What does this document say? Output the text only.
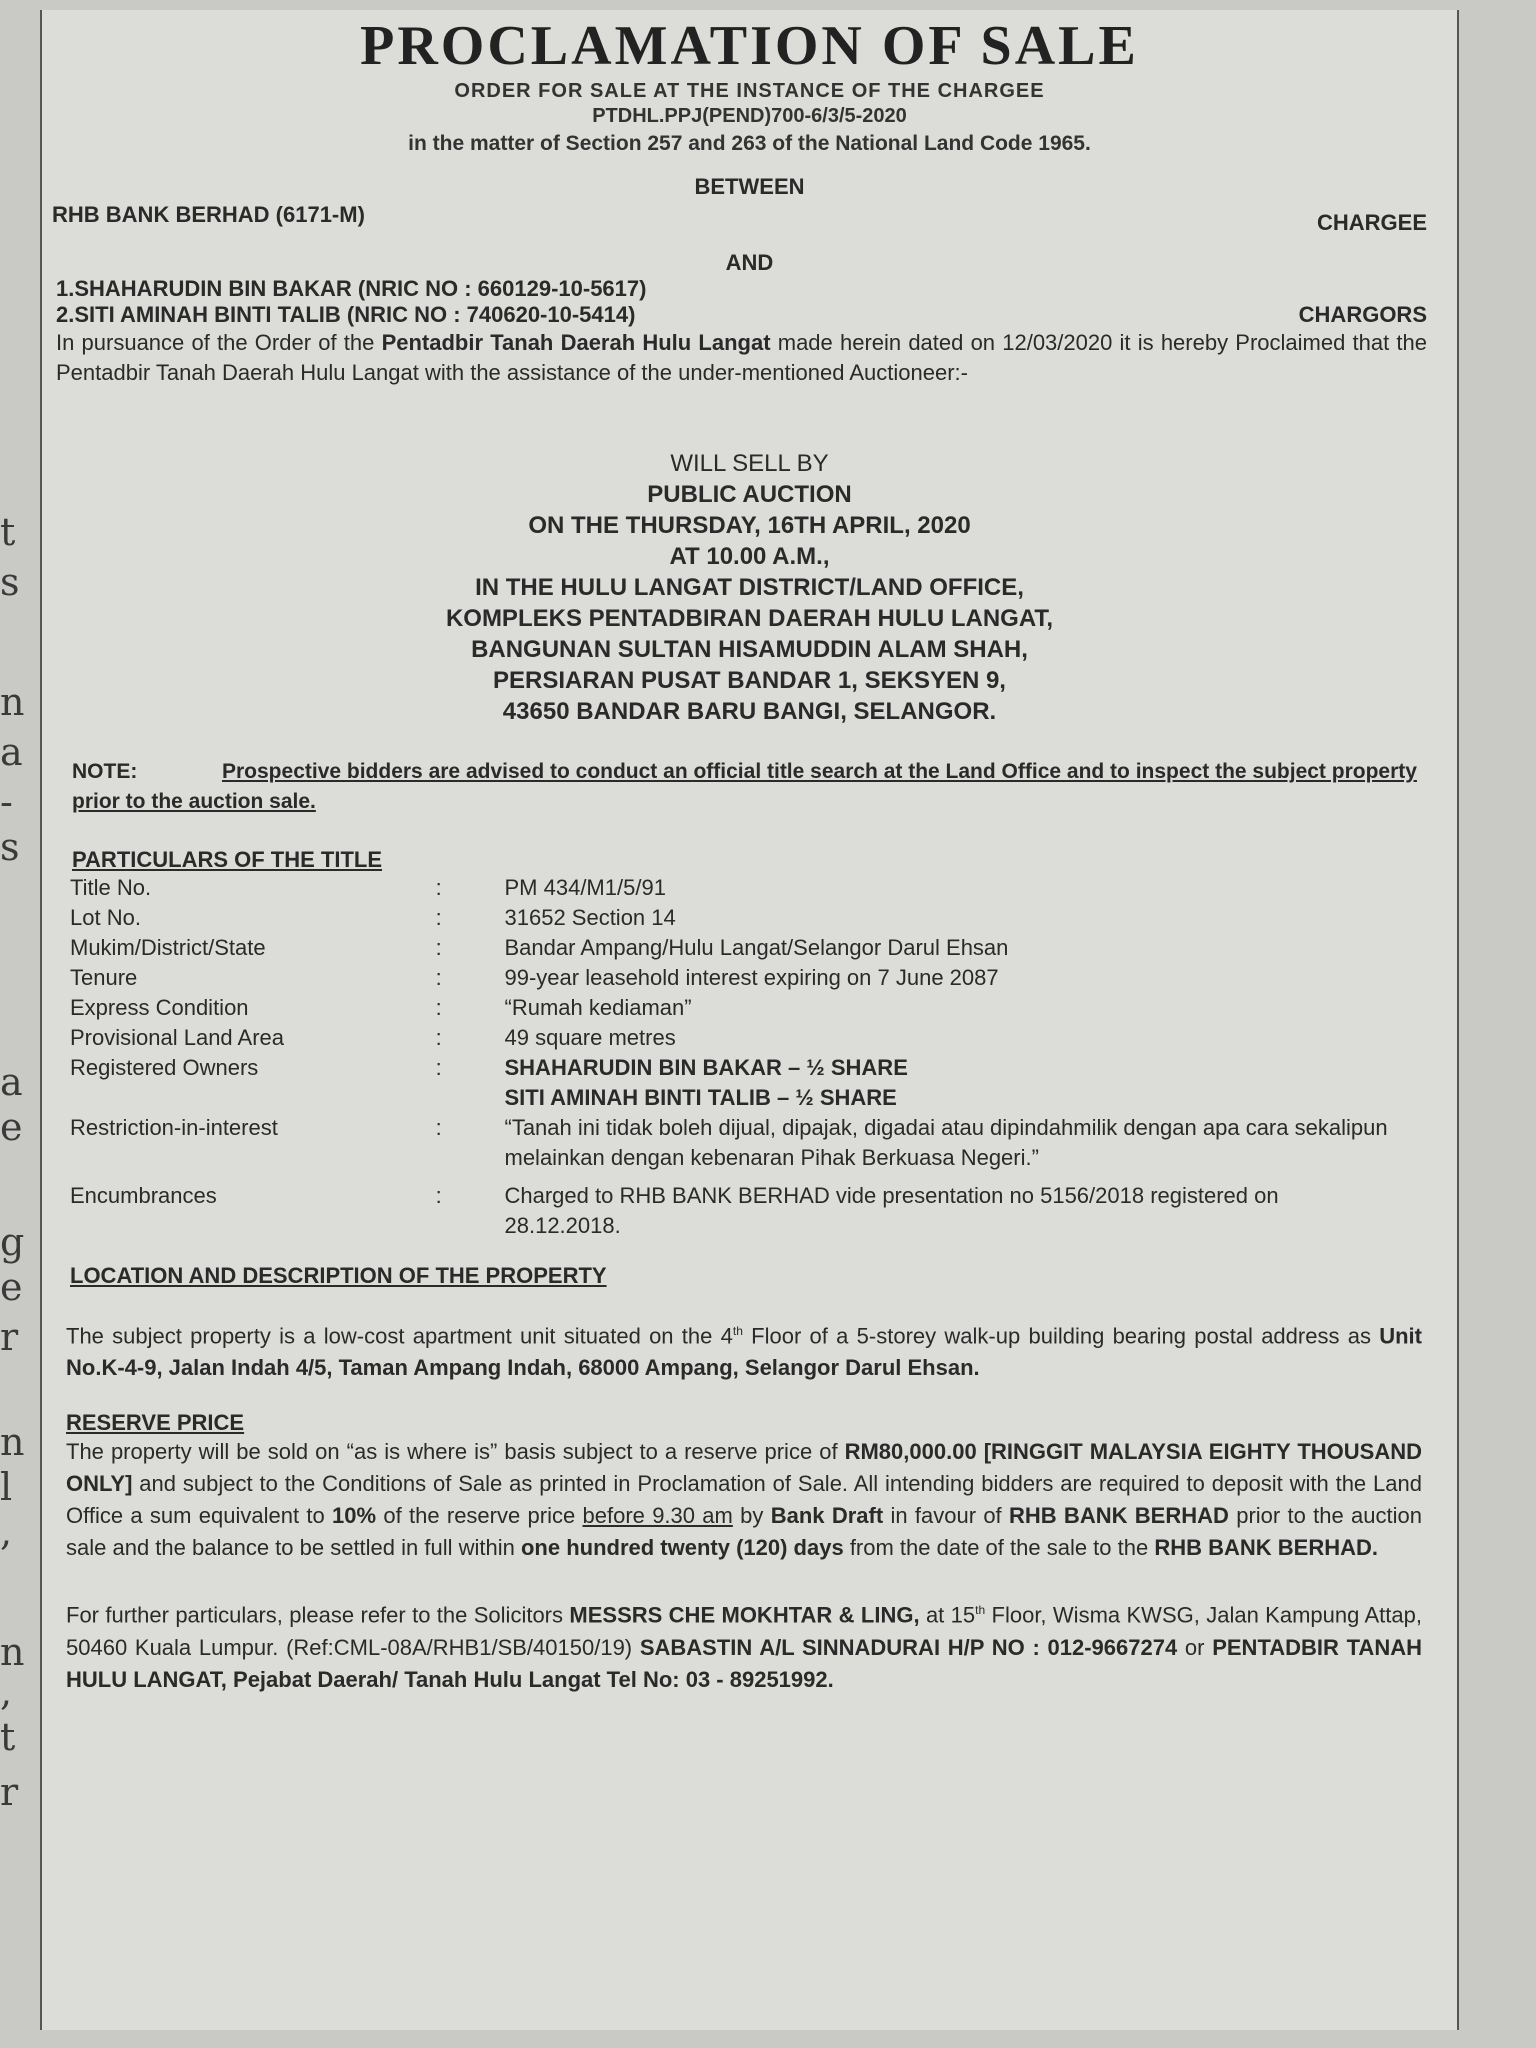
t
s
n
a
-
s
a
e
g
e
r
n
l
,
n
,
t
r
PROCLAMATION OF SALE
ORDER FOR SALE AT THE INSTANCE OF THE CHARGEE
PTDHL.PPJ(PEND)700-6/3/5-2020
in the matter of Section 257 and 263 of the National Land Code 1965.
BETWEEN
RHB BANK BERHAD (6171-M)	CHARGEE
AND
1.SHAHARUDIN BIN BAKAR (NRIC NO : 660129-10-5617)
2.SITI AMINAH BINTI TALIB (NRIC NO : 740620-10-5414)	CHARGORS
In pursuance of the Order of the Pentadbir Tanah Daerah Hulu Langat made herein dated on 12/03/2020 it is hereby Proclaimed that the Pentadbir Tanah Daerah Hulu Langat with the assistance of the under-mentioned Auctioneer:-
WILL SELL BY
PUBLIC AUCTION
ON THE THURSDAY, 16TH APRIL, 2020
AT 10.00 A.M.,
IN THE HULU LANGAT DISTRICT/LAND OFFICE,
KOMPLEKS PENTADBIRAN DAERAH HULU LANGAT,
BANGUNAN SULTAN HISAMUDDIN ALAM SHAH,
PERSIARAN PUSAT BANDAR 1, SEKSYEN 9,
43650 BANDAR BARU BANGI, SELANGOR.
NOTE:	Prospective bidders are advised to conduct an official title search at the Land Office and to inspect the subject property prior to the auction sale.
PARTICULARS OF THE TITLE
Title No.	:	PM 434/M1/5/91
Lot No.	:	31652 Section 14
Mukim/District/State	:	Bandar Ampang/Hulu Langat/Selangor Darul Ehsan
Tenure	:	99-year leasehold interest expiring on 7 June 2087
Express Condition	:	“Rumah kediaman”
Provisional Land Area	:	49 square metres
Registered Owners	:	SHAHARUDIN BIN BAKAR – ½ SHARE
		SITI AMINAH BINTI TALIB – ½ SHARE
Restriction-in-interest	:	“Tanah ini tidak boleh dijual, dipajak, digadai atau dipindahmilik dengan apa cara sekalipun melainkan dengan kebenaran Pihak Berkuasa Negeri.”
Encumbrances	:	Charged to RHB BANK BERHAD vide presentation no 5156/2018 registered on 28.12.2018.
LOCATION AND DESCRIPTION OF THE PROPERTY
The subject property is a low-cost apartment unit situated on the 4th Floor of a 5-storey walk-up building bearing postal address as Unit No.K-4-9, Jalan Indah 4/5, Taman Ampang Indah, 68000 Ampang, Selangor Darul Ehsan.
RESERVE PRICE
The property will be sold on “as is where is” basis subject to a reserve price of RM80,000.00 [RINGGIT MALAYSIA EIGHTY THOUSAND ONLY] and subject to the Conditions of Sale as printed in Proclamation of Sale. All intending bidders are required to deposit with the Land Office a sum equivalent to 10% of the reserve price before 9.30 am by Bank Draft in favour of RHB BANK BERHAD prior to the auction sale and the balance to be settled in full within one hundred twenty (120) days from the date of the sale to the RHB BANK BERHAD.
For further particulars, please refer to the Solicitors MESSRS CHE MOKHTAR & LING, at 15th Floor, Wisma KWSG, Jalan Kampung Attap, 50460 Kuala Lumpur. (Ref:CML-08A/RHB1/SB/40150/19) SABASTIN A/L SINNADURAI H/P NO : 012-9667274 or PENTADBIR TANAH HULU LANGAT, Pejabat Daerah/ Tanah Hulu Langat Tel No: 03 - 89251992.
